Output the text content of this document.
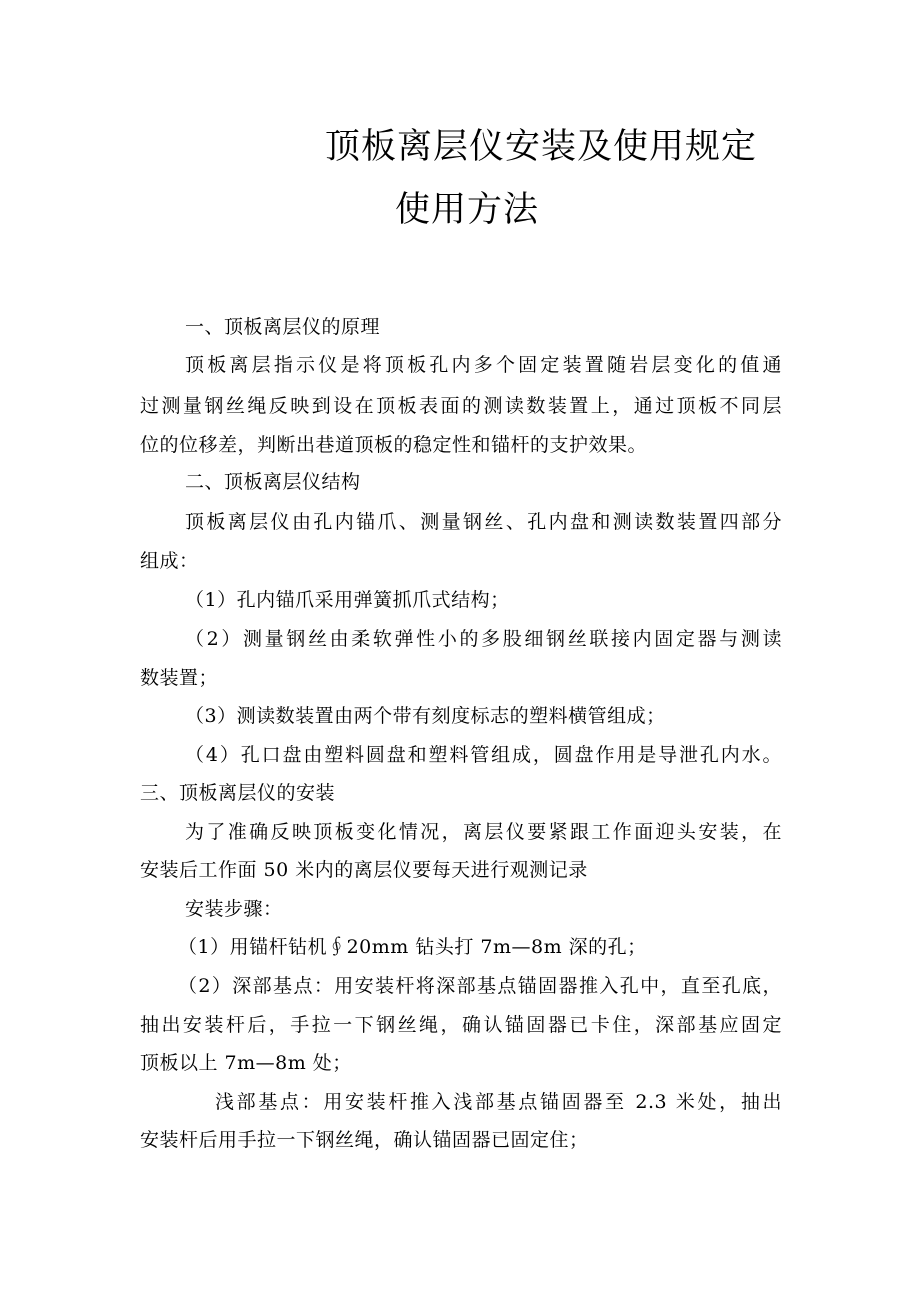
顶板离层仪安装及使用规定
使用方法
一、顶板离层仪的原理
顶板离层指示仪是将顶板孔内多个固定装置随岩层变化的值通
过测量钢丝绳反映到设在顶板表面的测读数装置上，通过顶板不同层
位的位移差，判断出巷道顶板的稳定性和锚杆的支护效果。
二、顶板离层仪结构
顶板离层仪由孔内锚爪、测量钢丝、孔内盘和测读数装置四部分
组成：
（1）孔内锚爪采用弹簧抓爪式结构；
（2）测量钢丝由柔软弹性小的多股细钢丝联接内固定器与测读
数装置；
（3）测读数装置由两个带有刻度标志的塑料横管组成；
（4）孔口盘由塑料圆盘和塑料管组成，圆盘作用是导泄孔内水。
三、顶板离层仪的安装
为了准确反映顶板变化情况，离层仪要紧跟工作面迎头安装，在
安装后工作面 50 米内的离层仪要每天进行观测记录
安装步骤：
（1）用锚杆钻机∮20mm 钻头打 7m—8m 深的孔；
（2）深部基点：用安装杆将深部基点锚固器推入孔中，直至孔底，
抽出安装杆后，手拉一下钢丝绳，确认锚固器已卡住，深部基应固定
顶板以上 7m—8m 处；
浅部基点：用安装杆推入浅部基点锚固器至 2.3 米处，抽出
安装杆后用手拉一下钢丝绳，确认锚固器已固定住；
